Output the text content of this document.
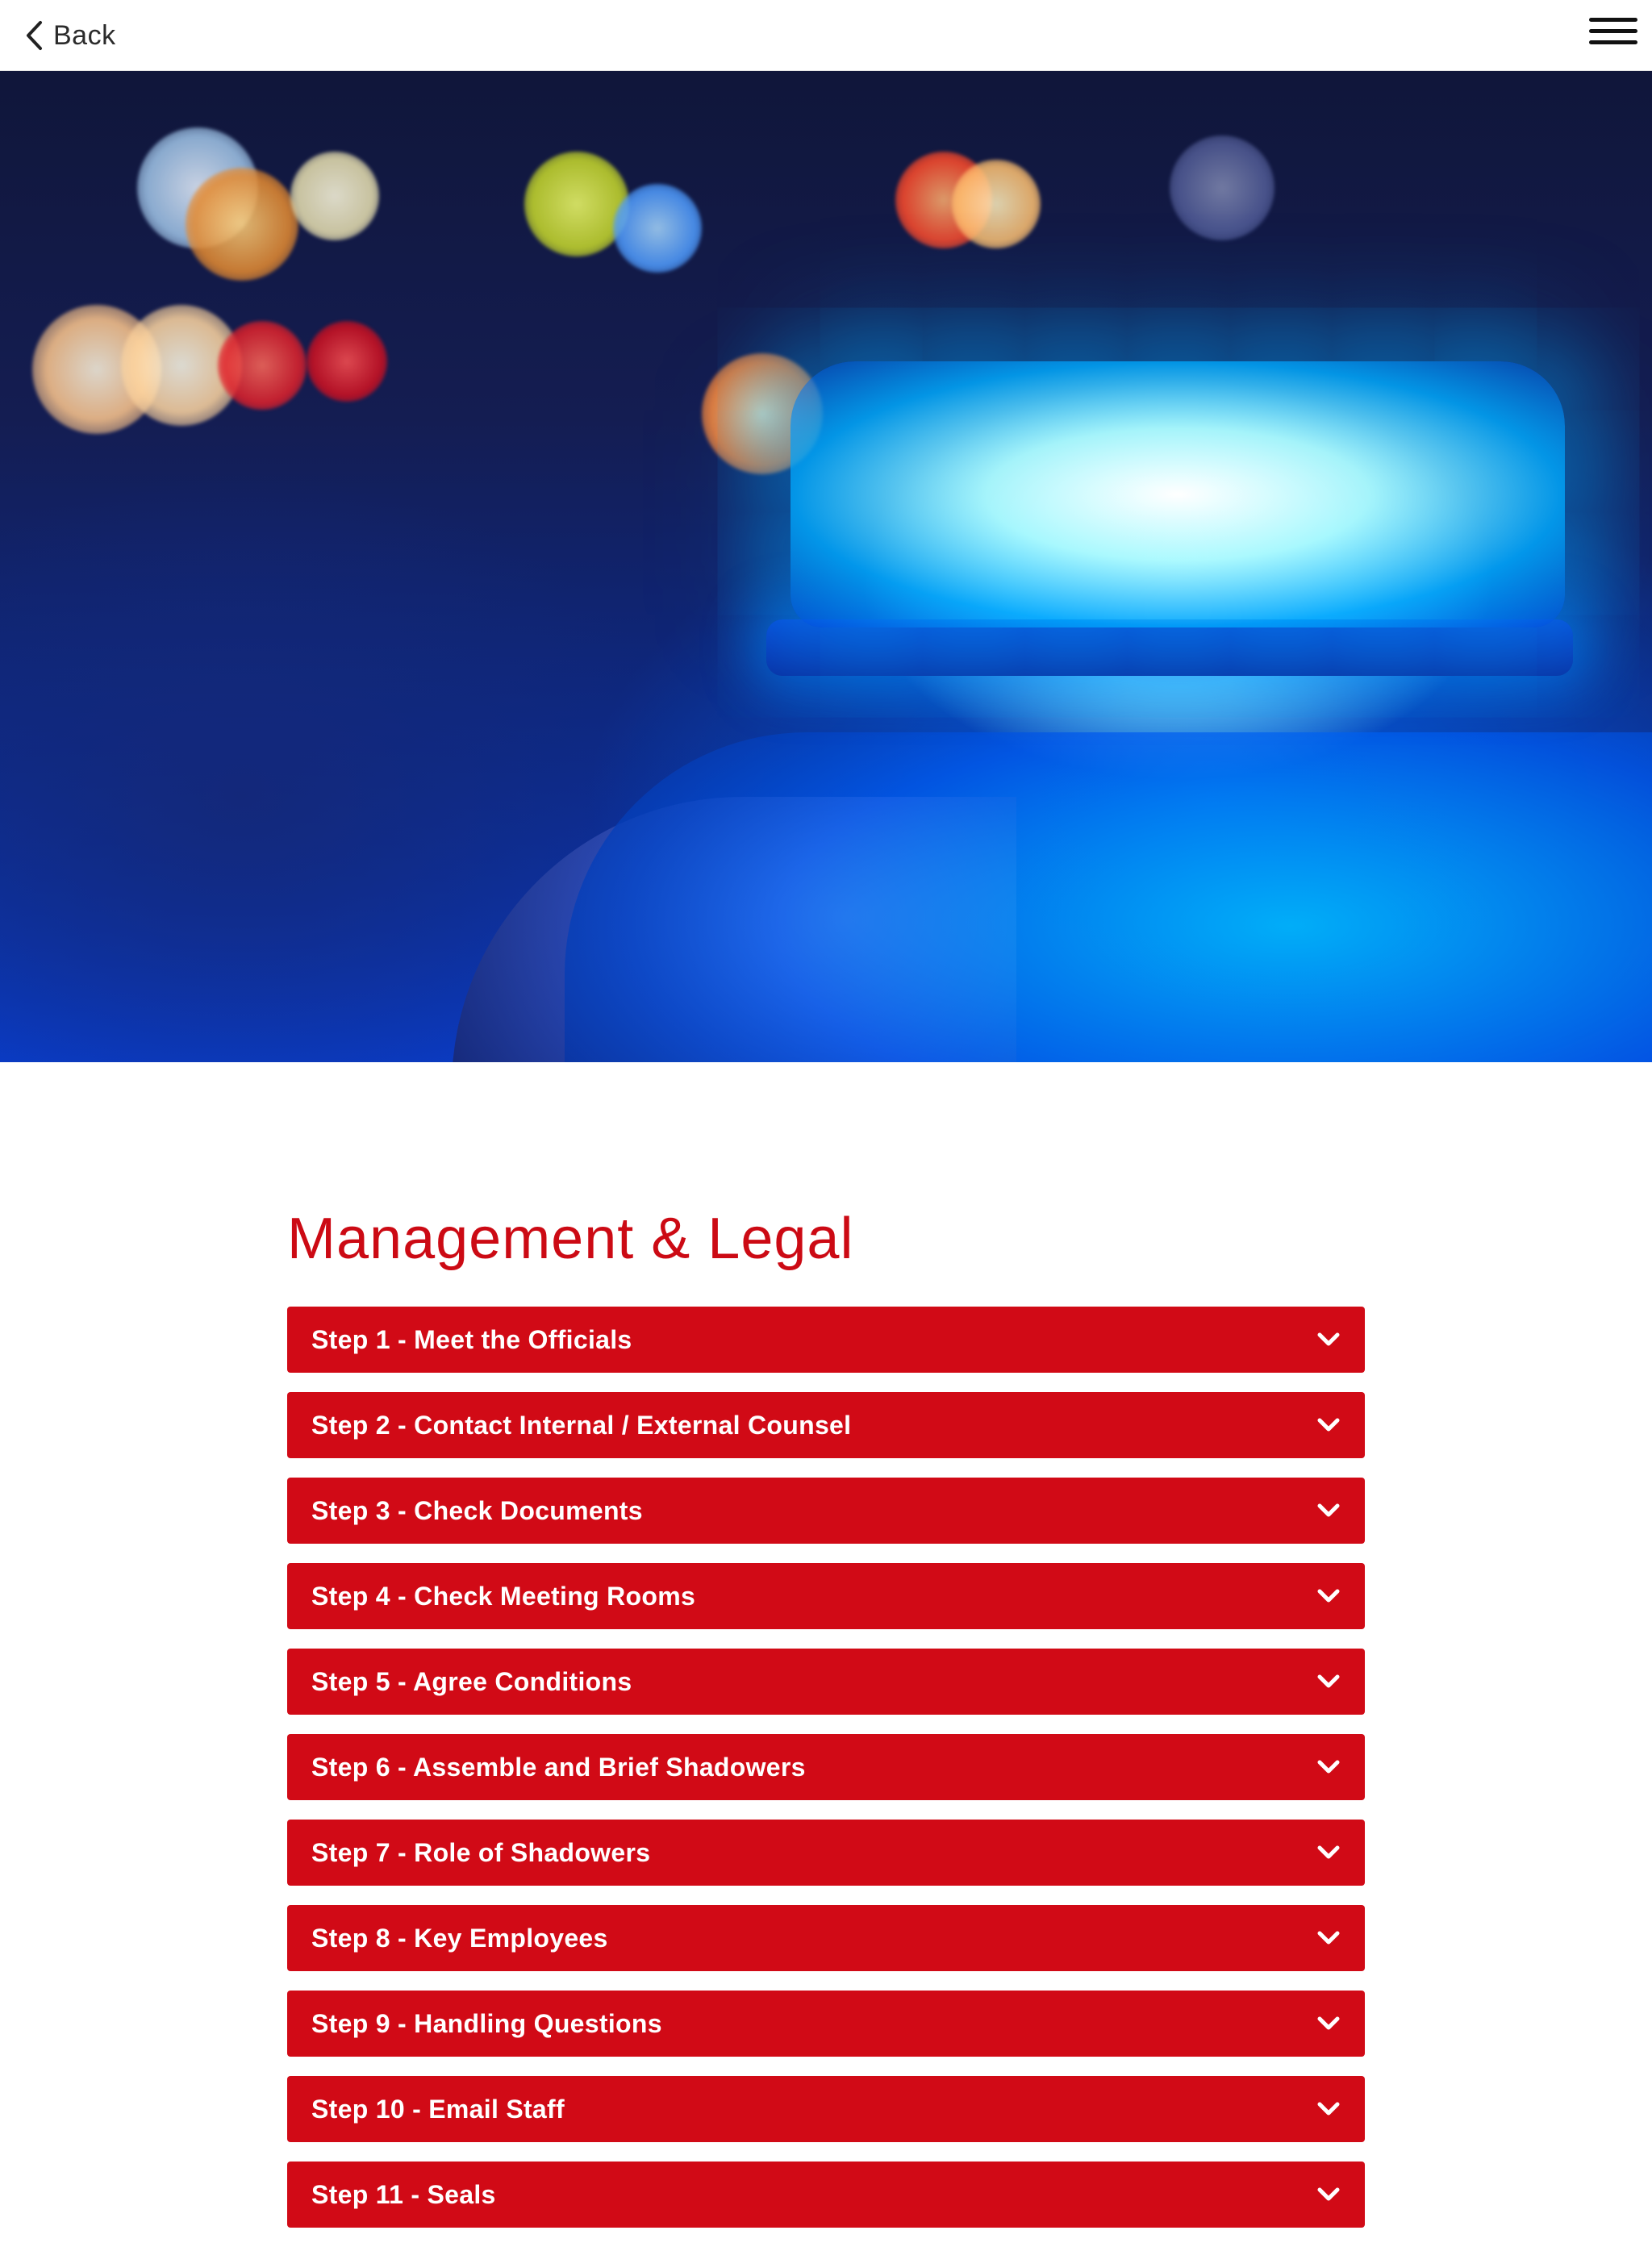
Back
Management & Legal
Step 1 - Meet the Officials
Step 2 - Contact Internal / External Counsel
Step 3 - Check Documents
Step 4 - Check Meeting Rooms
Step 5 - Agree Conditions
Step 6 - Assemble and Brief Shadowers
Step 7 - Role of Shadowers
Step 8 - Key Employees
Step 9 - Handling Questions
Step 10 - Email Staff
Step 11 - Seals
